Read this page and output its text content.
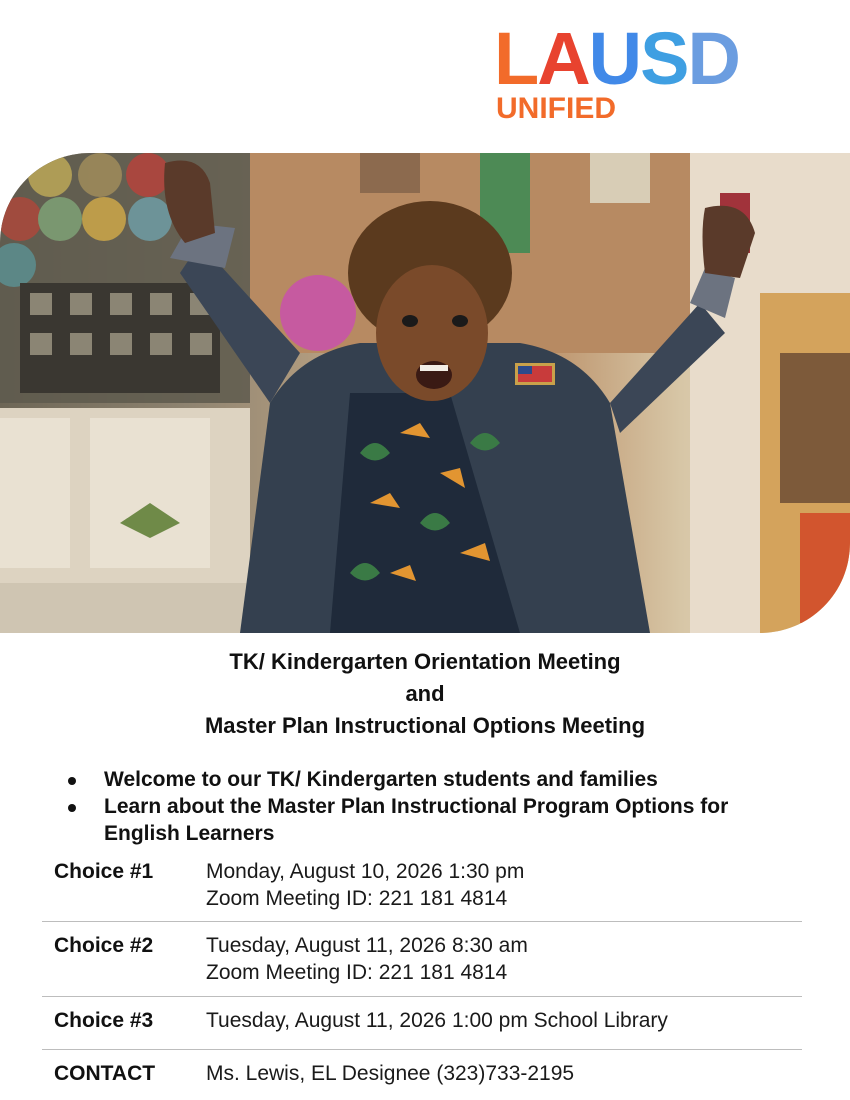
LAUSD
UNIFIED
TK/ Kindergarten Orientation Meeting
and
Master Plan Instructional Options Meeting
Welcome to our TK/ Kindergarten students and families
Learn about the Master Plan Instructional Program Options for English Learners
Choice #1	Monday, August 10, 2026 1:30 pm
Zoom Meeting ID: 221 181 4814
Choice #2	Tuesday, August 11, 2026 8:30 am
Zoom Meeting ID: 221 181 4814
Choice #3	Tuesday, August 11, 2026 1:00 pm School Library
CONTACT Ms. Lewis, EL Designee (323)733-2195
